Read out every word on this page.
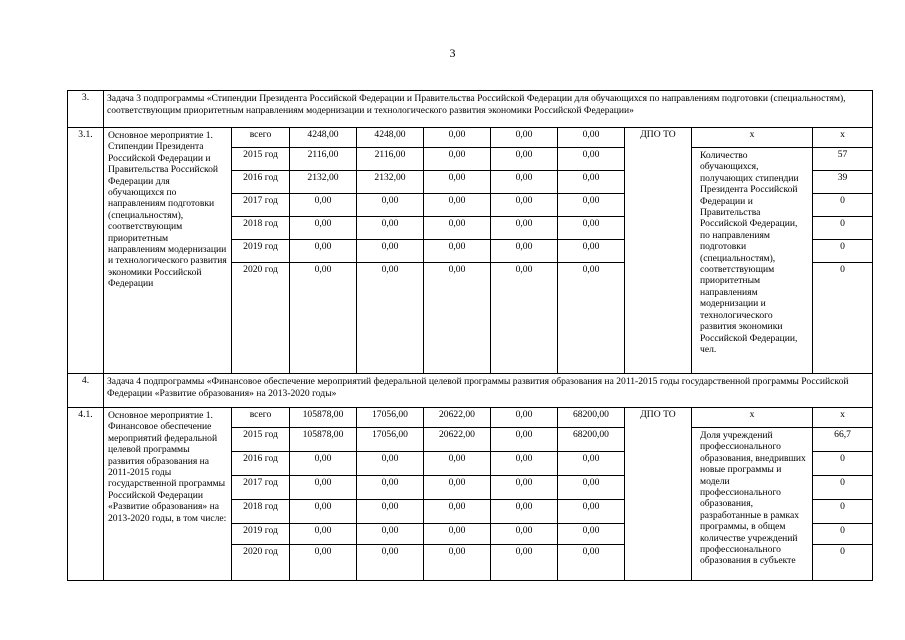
3
3.	Задача 3 подпрограммы «Стипендии Президента Российской Федерации и Правительства Российской Федерации для обучающихся по направлениям подготовки (специальностям), соответствующим приоритетным направлениям модернизации и технологического развития экономики Российской Федерации»									
3.1.	Основное мероприятие 1. Стипендии Президента Российской Федерации и Правительства Российской Федерации для обучающихся по направлениям подготовки (специальностям), соответствующим приоритетным направлениям модернизации и технологического развития экономики Российской Федерации	всего	4248,00	4248,00	0,00	0,00	0,00	ДПО ТО	х	х
		2015 год	2116,00	2116,00	0,00	0,00	0,00		Количество обучающихся, получающих стипендии Президента Российской Федерации и Правительства Российской Федерации, по направлениям подготовки (специальностям), соответствующим приоритетным направлениям модернизации и технологического развития экономики Российской Федерации, чел.	57
		2016 год	2132,00	2132,00	0,00	0,00	0,00			39
		2017 год	0,00	0,00	0,00	0,00	0,00			0
		2018 год	0,00	0,00	0,00	0,00	0,00			0
		2019 год	0,00	0,00	0,00	0,00	0,00			0
		2020 год	0,00	0,00	0,00	0,00	0,00			0
4.	Задача 4 подпрограммы «Финансовое обеспечение мероприятий федеральной целевой программы развития образования на 2011-2015 годы государственной программы Российской Федерации «Развитие образования» на 2013-2020 годы»									
4.1.	Основное мероприятие 1. Финансовое обеспечение мероприятий федеральной целевой программы развития образования на 2011-2015 годы государственной программы Российской Федерации «Развитие образования» на 2013-2020 годы, в том числе:	всего	105878,00	17056,00	20622,00	0,00	68200,00	ДПО ТО	х	х
		2015 год	105878,00	17056,00	20622,00	0,00	68200,00		Доля учреждений профессионального образования, внедривших новые программы и модели профессионального образования, разработанные в рамках программы, в общем количестве учреждений профессионального образования в субъекте	66,7
		2016 год	0,00	0,00	0,00	0,00	0,00			0
		2017 год	0,00	0,00	0,00	0,00	0,00			0
		2018 год	0,00	0,00	0,00	0,00	0,00			0
		2019 год	0,00	0,00	0,00	0,00	0,00			0
		2020 год	0,00	0,00	0,00	0,00	0,00			0
